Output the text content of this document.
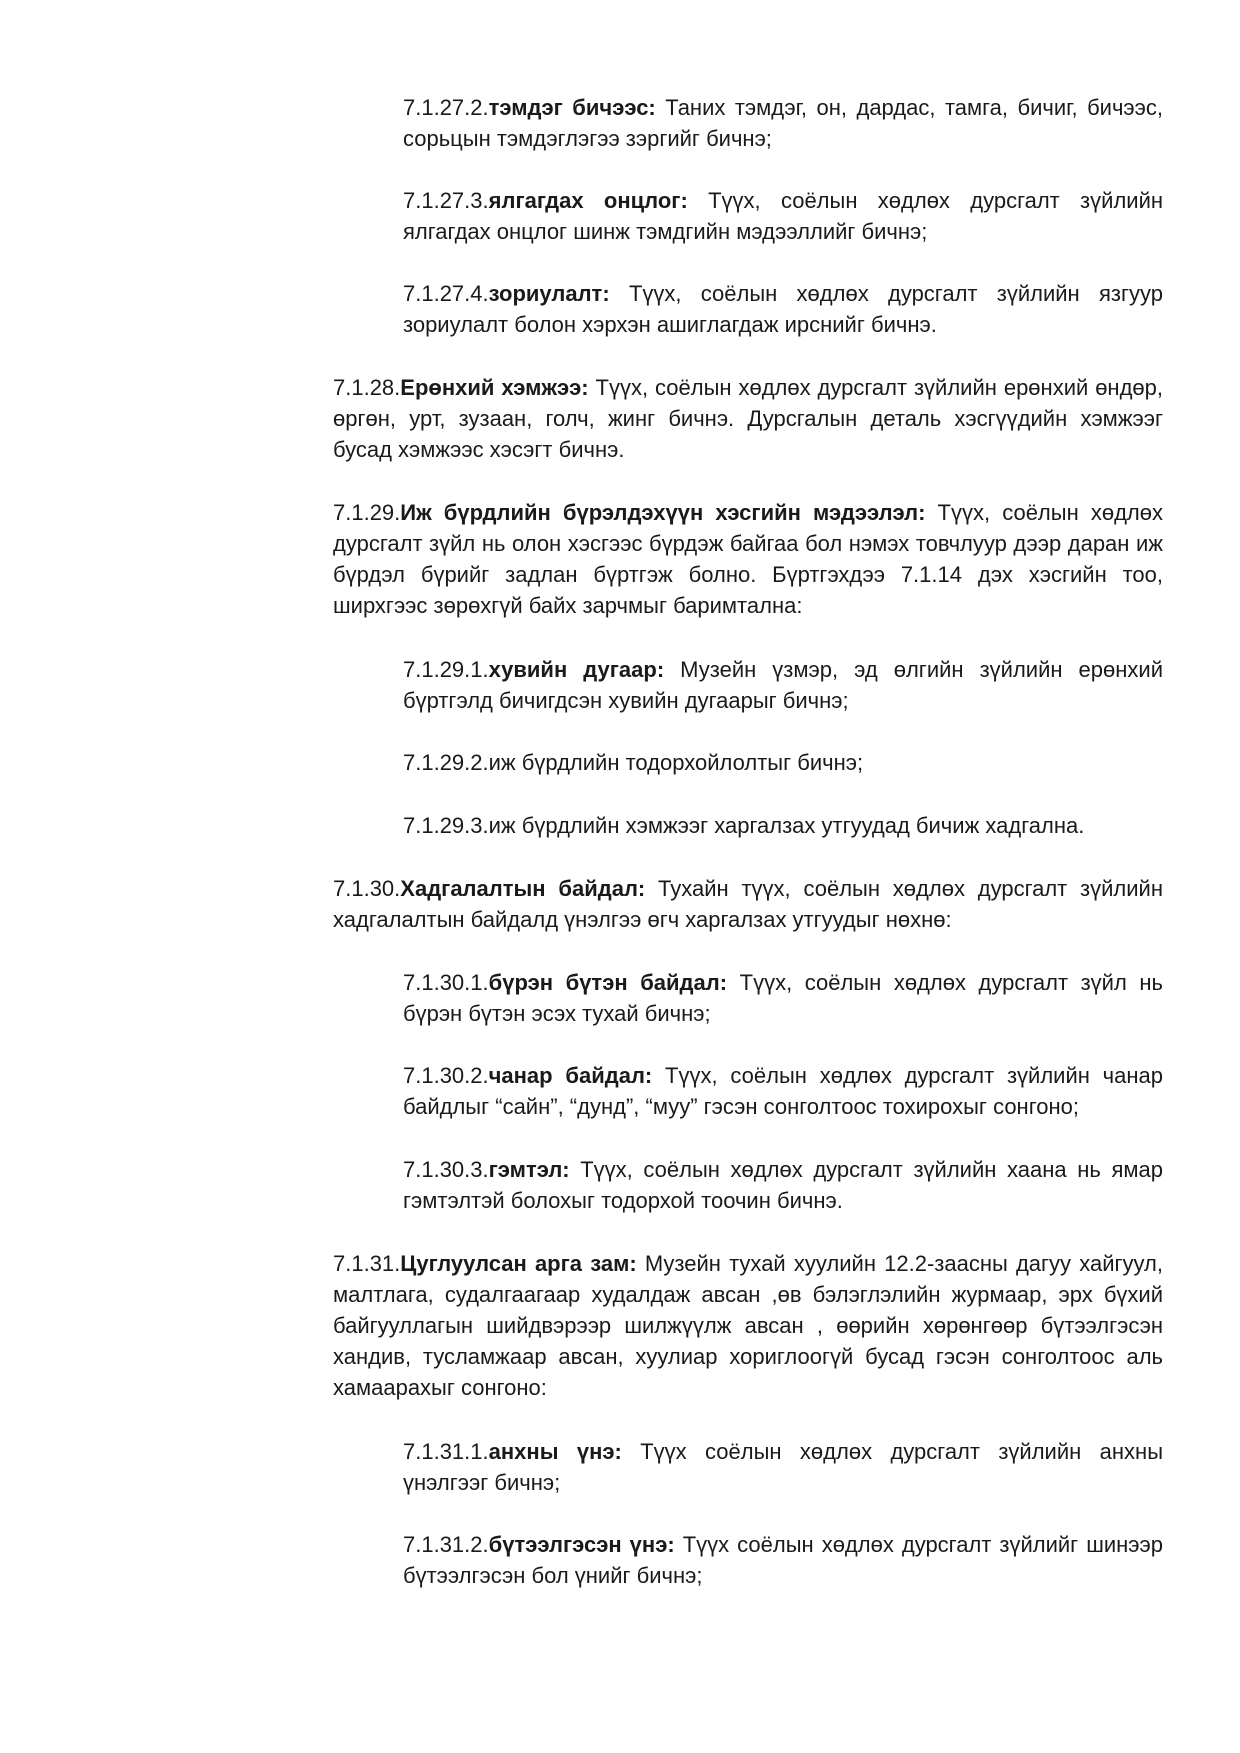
7.1.27.2.тэмдэг бичээс: Таних тэмдэг, он, дардас, тамга, бичиг, бичээс, сорьцын тэмдэглэгээ зэргийг бичнэ;

7.1.27.3.ялгагдах онцлог: Түүх, соёлын хөдлөх дурсгалт зүйлийн ялгагдах онцлог шинж тэмдгийн мэдээллийг бичнэ;

7.1.27.4.зориулалт: Түүх, соёлын хөдлөх дурсгалт зүйлийн язгуур зориулалт болон хэрхэн ашиглагдаж ирснийг бичнэ.

7.1.28.Ерөнхий хэмжээ: Түүх, соёлын хөдлөх дурсгалт зүйлийн ерөнхий өндөр, өргөн, урт, зузаан, голч, жинг бичнэ. Дурсгалын деталь хэсгүүдийн хэмжээг бусад хэмжээс хэсэгт бичнэ.

7.1.29.Иж бүрдлийн бүрэлдэхүүн хэсгийн мэдээлэл: Түүх, соёлын хөдлөх дурсгалт зүйл нь олон хэсгээс бүрдэж байгаа бол нэмэх товчлуур дээр даран иж бүрдэл бүрийг задлан бүртгэж болно. Бүртгэхдээ 7.1.14 дэх хэсгийн тоо, ширхгээс зөрөхгүй байх зарчмыг баримтална:

7.1.29.1.хувийн дугаар: Музейн үзмэр, эд өлгийн зүйлийн ерөнхий бүртгэлд бичигдсэн хувийн дугаарыг бичнэ;

7.1.29.2.иж бүрдлийн тодорхойлолтыг бичнэ;

7.1.29.3.иж бүрдлийн хэмжээг харгалзах утгуудад бичиж хадгална.

7.1.30.Хадгалалтын байдал: Тухайн түүх, соёлын хөдлөх дурсгалт зүйлийн хадгалалтын байдалд үнэлгээ өгч харгалзах утгуудыг нөхнө:

7.1.30.1.бүрэн бүтэн байдал: Түүх, соёлын хөдлөх дурсгалт зүйл нь бүрэн бүтэн эсэх тухай бичнэ;

7.1.30.2.чанар байдал: Түүх, соёлын хөдлөх дурсгалт зүйлийн чанар байдлыг “сайн”, “дунд”, “муу” гэсэн сонголтоос тохирохыг сонгоно;

7.1.30.3.гэмтэл: Түүх, соёлын хөдлөх дурсгалт зүйлийн хаана нь ямар гэмтэлтэй болохыг тодорхой тоочин бичнэ.

7.1.31.Цуглуулсан арга зам: Музейн тухай хуулийн 12.2-заасны дагуу хайгуул, малтлага, судалгаагаар худалдаж авсан ,өв бэлэглэлийн журмаар, эрх бүхий байгууллагын шийдвэрээр шилжүүлж авсан , өөрийн хөрөнгөөр бүтээлгэсэн хандив, тусламжаар авсан, хуулиар хориглоогүй бусад гэсэн сонголтоос аль хамаарахыг сонгоно:

7.1.31.1.анхны үнэ: Түүх соёлын хөдлөх дурсгалт зүйлийн анхны үнэлгээг бичнэ;

7.1.31.2.бүтээлгэсэн үнэ: Түүх соёлын хөдлөх дурсгалт зүйлийг шинээр бүтээлгэсэн бол үнийг бичнэ;
